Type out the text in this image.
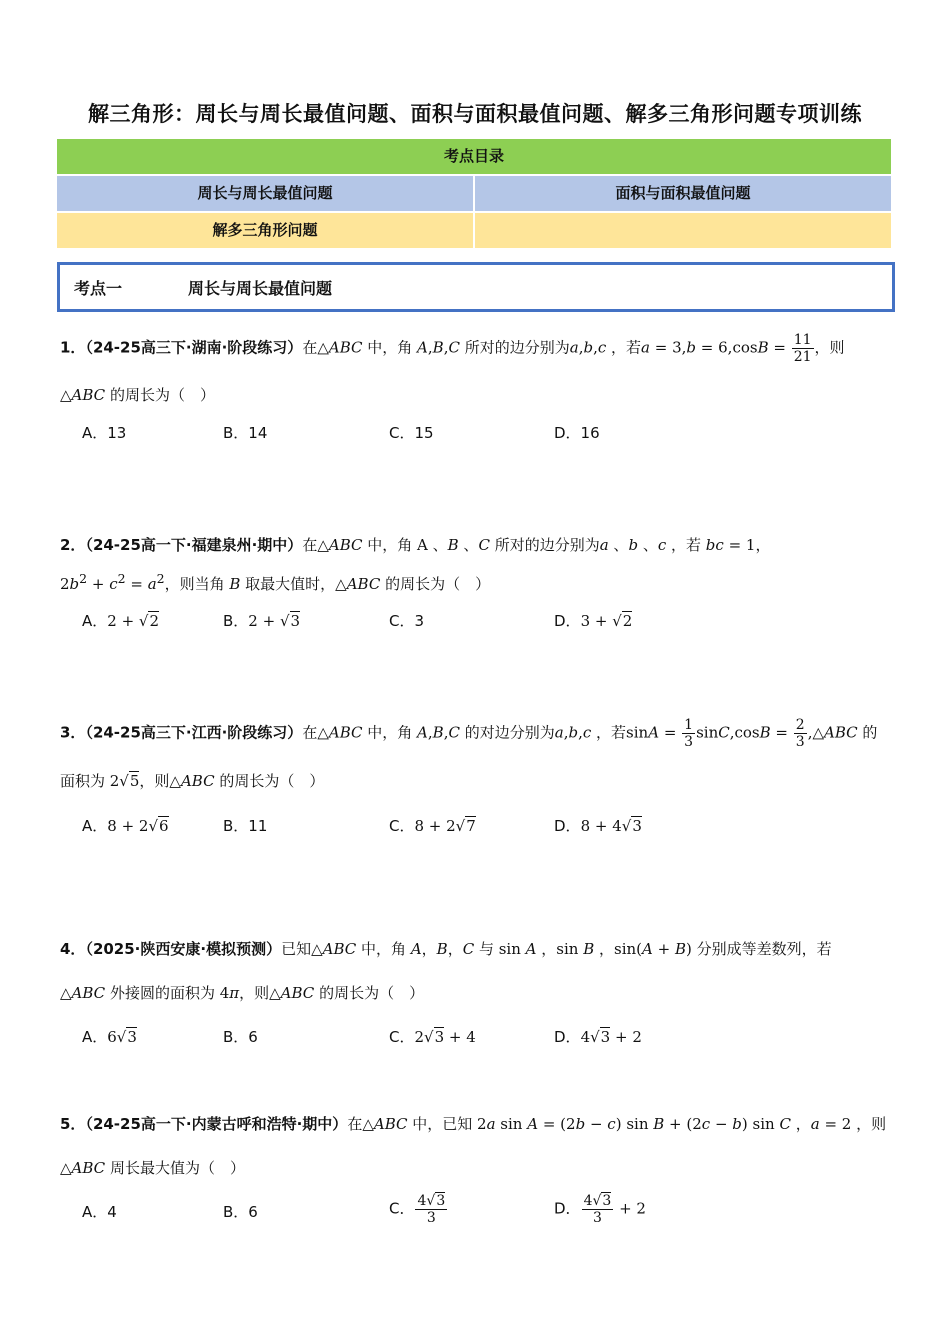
解三角形：周长与周长最值问题、面积与面积最值问题、解多三角形问题专项训练
考点目录
周长与周长最值问题	面积与面积最值问题
解多三角形问题
考点一	周长与周长最值问题
1．（24-25高三下·湖南·阶段练习）在△ABC 中，角 A,B,C 所对的边分别为a,b,c ，若$a = 3,b = 6,\cos B = \frac{11}{21}$ ，则
△ABC 的周长为（　）
A．13	B．14	C．15	D．16
2．（24-25高一下·福建泉州·期中）在△ABC 中，角 A 、B 、C 所对的边分别为a 、b 、c ，若 bc = 1，
$2b^2 + c^2 = a^2$，则当角 B 取最大值时，△ABC 的周长为（　）
A．2 + √2	B．2 + √3	C．3	D．3 + √2
3．（24-25高三下·江西·阶段练习）在△ABC 中，角 A,B,C 的对边分别为a,b,c ，若$\sin A = \frac{1}{3} \sin C,\cos B = \frac{2}{3}$ ,△ABC 的
面积为 2√5，则△ABC 的周长为（　）
A．8 + 2√6	B．11	C．8 + 2√7	D．8 + 4√3
4．（2025·陕西安康·模拟预测）已知△ABC 中，角 A，B，C 与 sin A ，sin B ，sin(A + B) 分别成等差数列，若
△ABC 外接圆的面积为 4π，则△ABC 的周长为（　）
A．6√3	B．6	C．2√3 + 4	D．4√3 + 2
5．（24-25高一下·内蒙古呼和浩特·期中）在△ABC 中，已知 2a sin A = (2b − c) sin B + (2c − b) sin C ，a = 2 ，则
△ABC 周长最大值为（　）
A．4	B．6	C． $\frac{4√3}{3}$	D． $\frac{4√3}{3} + 2$
